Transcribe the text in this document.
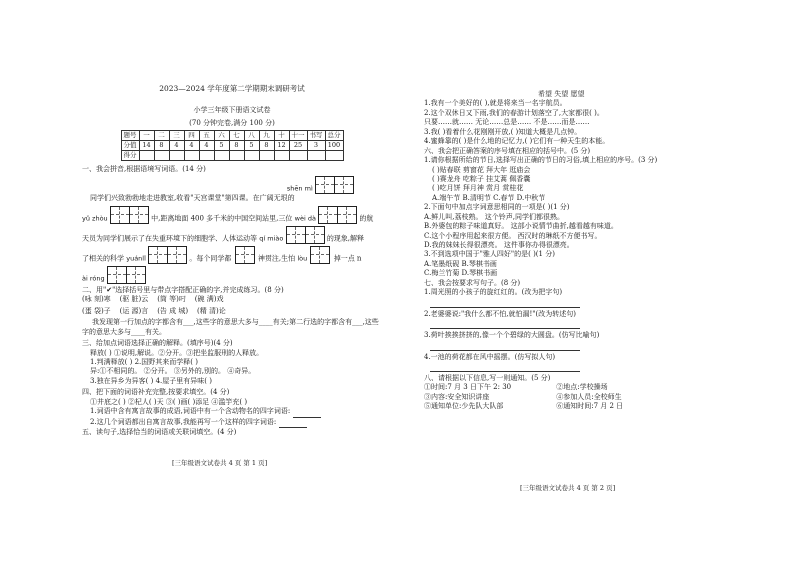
2023—2024 学年度第二学期期末调研考试
小学三年级下册语文试卷
(70 分钟完卷,满分 100 分)
题号	一	二	三	四	五	六	七	八	九	十	十一	书写	总分
分值	14	8	4	4	4	5	8	5	8	12	25	3	100
得分													
一、我会拼音,根据语境写词语。(14 分)
shēn mì
同学们兴致勃勃地走进教室,收看"天宫课堂"第四课。在广阔无垠的
yǔ zhòu	中,距离地面 400 多千米的中国空间站里,三位 wèi dà	的航
天员为同学们展示了在失重环境下的细胞学、人体运动等 qí miào	的现象,解释
了相关的科学 yuánlǐ	。每个同学都	神贯注,生怕 lòu	掉一点 n
ài róng
二、用"✔"选择括号里与带点字搭配正确的字,并完成练习。(8 分)
(咏 刻)寒 (驱 脏)云 (筒 等)叼 (碗 满)戏
(蛋 袋)子 (运 源)言 (告 成 城) (精 清)论
我发现第一行加点的字都含有___,这些字的意思大多与____有关;第二行选的字都含有___,这些字的意思大多与____有关。
三、给加点词语选择正确的解释。(填序号)(4 分)
释放( ) ①说明,解说。②分开。③把坐监服刑的人释放。
1.判满释放( ) 2.国野其来而学释( )
异:①不相同的。 ②分开。 ③另外的,别的。 ④奇异。
3.独在异乡为异客( ) 4.屋子里有异味( )
四、把下面的词语补充完整,按要求填空。(4 分)
①井底之( ) ②杞人( )天 ③( )画( )添足 ④滥竽充( )
1.词语中含有寓言故事的成语,词语中有一个含动物名的四字词语:
2.这几个词语都出自寓言故事,我能再写一个这样的四字词语:
五、读句子,选择恰当的词语或关联词填空。(4 分)
[三年级语文试卷共 4 页 第 1 页]
希望 失望 愿望
1.我有一个美好的( ),就是将来当一名宇航员。
2.这个双休日又下雨,我们的春游计划落空了,大家都很( )。
只要……就…… 无论……总是…… 不是……而是……
3.我( )看着什么花刚刚开放,( )知道大概是几点钟。
4.蜜蜂靠的( )是什么地的记忆力,( )它们有一种天生的本能。
六、我会把正确答案的序号填在相应的括号中。(5 分)
1.请你根据所给的节日,选择写出正确的节日的习俗,填上相应的序号。(3 分)
( )贴春联 剪窗花 拜大年 逛庙会
( )赛龙舟 吃粽子 挂艾蒿 佩香囊
( )吃月饼 拜月神 赏月 赏桂花
A.端午节 B.清明节 C.春节 D.中秋节
2.下面句中加点字词意思相同的一项是( )(1 分)
A.鲜儿叫,荔枝熟。 这个铃声,同学们都很熟。
B.外婆包的粽子味道真好。 这部小说情节曲折,越看越有味道。
C.这个小程序用起来很方便。 西汉时的琳纸不方便书写。
D.我的妹妹长得很漂亮。 这件事你办得很漂亮。
3.不到选项中国于"雅人四好"的是( )(1 分)
A.笔墨纸砚 B.琴棋书画
C.梅兰竹菊 D.琴棋书画
七、我会按要求写句子。(8 分)
1.周光照的小孩子的旋红红的。(改为把字句)
2.老婆婆说:"我什么都不怕,就怕漏!"(改为转述句)
3.荷叶挨挨挤挤的,像一个个碧绿的大圆盘。(仿写比喻句)
4.一池的荷花都在风中摇摆。(仿写拟人句)
八、请根据以下信息,写一则通知。(5 分)
①时间:7 月 3 日下午 2: 30	②地点:学校操场
③内容:安全知识讲座	④参加人员:全校师生
⑤通知单位:少先队大队部	⑥通知时间:7 月 2 日
[三年级语文试卷共 4 页 第 2 页]
